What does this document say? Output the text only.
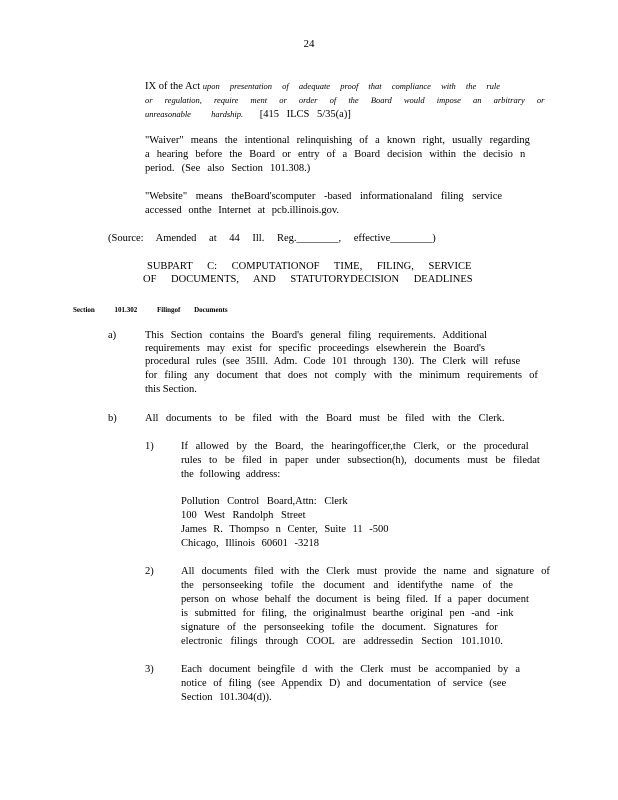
24
IX of the Act upon presentation of adequate proof that compliance with the rule
or regulation, require ment or order of the Board would impose an arbitrary or
unreasonable hardship. [415 ILCS 5/35(a)]
"Waiver" means the intentional relinquishing of a known right, usually regarding
a hearing before the Board or entry of a Board decision within the decisio n
period. (See also Section 101.308.)
"Website" means theBoard'scomputer -based informationaland filing service
accessed onthe Internet at pcb.illinois.gov.
(Source: Amended at 44 Ill. Reg.________, effective________)
SUBPART C: COMPUTATIONOF TIME, FILING, SERVICE
OF DOCUMENTS, AND STATUTORYDECISION DEADLINES
Section	101.302	Filingof Documents
a)	This Section contains the Board's general filing requirements. Additional
requirements may exist for specific proceedings elsewherein the Board's
procedural rules (see 35Ill. Adm. Code 101 through 130). The Clerk will refuse
for filing any document that does not comply with the minimum requirements of
this Section.
b)	All documents to be filed with the Board must be filed with the Clerk.
1)	If allowed by the Board, the hearingofficer,the Clerk, or the procedural
rules to be filed in paper under subsection(h), documents must be filedat
the following address:
Pollution Control Board,Attn: Clerk
100 West Randolph Street
James R. Thompso n Center, Suite 11 -500
Chicago, Illinois 60601 -3218
2)	All documents filed with the Clerk must provide the name and signature of
the personseeking tofile the document and identifythe name of the
person on whose behalf the document is being filed. If a paper document
is submitted for filing, the originalmust bearthe original pen -and -ink
signature of the personseeking tofile the document. Signatures for
electronic filings through COOL are addressedin Section 101.1010.
3)	Each document beingfile d with the Clerk must be accompanied by a
notice of filing (see Appendix D) and documentation of service (see
Section 101.304(d)).
